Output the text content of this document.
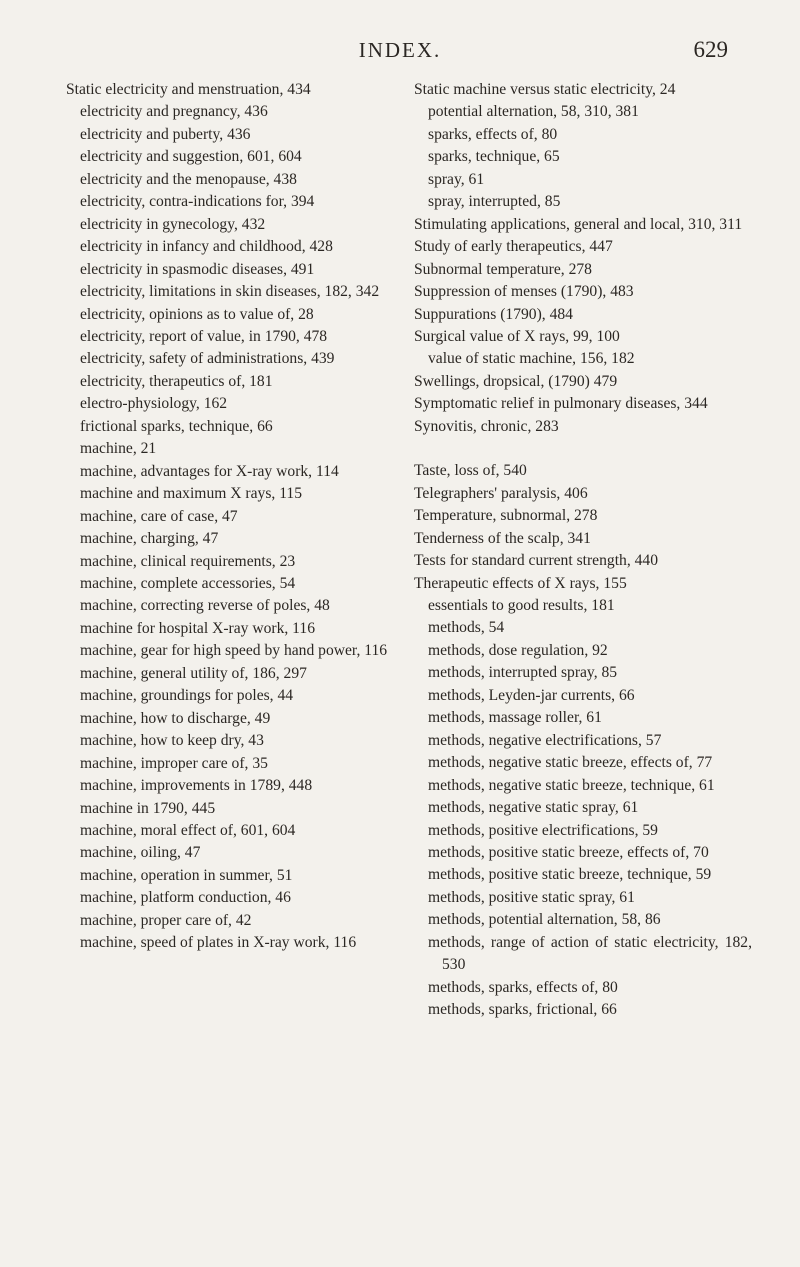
INDEX.	629
Static electricity and menstruation, 434
electricity and pregnancy, 436
electricity and puberty, 436
electricity and suggestion, 601, 604
electricity and the menopause, 438
electricity, contra-indications for, 394
electricity in gynecology, 432
electricity in infancy and childhood, 428
electricity in spasmodic diseases, 491
electricity, limitations in skin diseases, 182, 342
electricity, opinions as to value of, 28
electricity, report of value, in 1790, 478
electricity, safety of administrations, 439
electricity, therapeutics of, 181
electro-physiology, 162
frictional sparks, technique, 66
machine, 21
machine, advantages for X-ray work, 114
machine and maximum X rays, 115
machine, care of case, 47
machine, charging, 47
machine, clinical requirements, 23
machine, complete accessories, 54
machine, correcting reverse of poles, 48
machine for hospital X-ray work, 116
machine, gear for high speed by hand power, 116
machine, general utility of, 186, 297
machine, groundings for poles, 44
machine, how to discharge, 49
machine, how to keep dry, 43
machine, improper care of, 35
machine, improvements in 1789, 448
machine in 1790, 445
machine, moral effect of, 601, 604
machine, oiling, 47
machine, operation in summer, 51
machine, platform conduction, 46
machine, proper care of, 42
machine, speed of plates in X-ray work, 116
Static machine versus static electricity, 24
potential alternation, 58, 310, 381
sparks, effects of, 80
sparks, technique, 65
spray, 61
spray, interrupted, 85
Stimulating applications, general and local, 310, 311
Study of early therapeutics, 447
Subnormal temperature, 278
Suppression of menses (1790), 483
Suppurations (1790), 484
Surgical value of X rays, 99, 100
value of static machine, 156, 182
Swellings, dropsical, (1790) 479
Symptomatic relief in pulmonary diseases, 344
Synovitis, chronic, 283
Taste, loss of, 540
Telegraphers' paralysis, 406
Temperature, subnormal, 278
Tenderness of the scalp, 341
Tests for standard current strength, 440
Therapeutic effects of X rays, 155
essentials to good results, 181
methods, 54
methods, dose regulation, 92
methods, interrupted spray, 85
methods, Leyden-jar currents, 66
methods, massage roller, 61
methods, negative electrifications, 57
methods, negative static breeze, effects of, 77
methods, negative static breeze, technique, 61
methods, negative static spray, 61
methods, positive electrifications, 59
methods, positive static breeze, effects of, 70
methods, positive static breeze, technique, 59
methods, positive static spray, 61
methods, potential alternation, 58, 86
methods, range of action of static electricity, 182, 530
methods, sparks, effects of, 80
methods, sparks, frictional, 66
